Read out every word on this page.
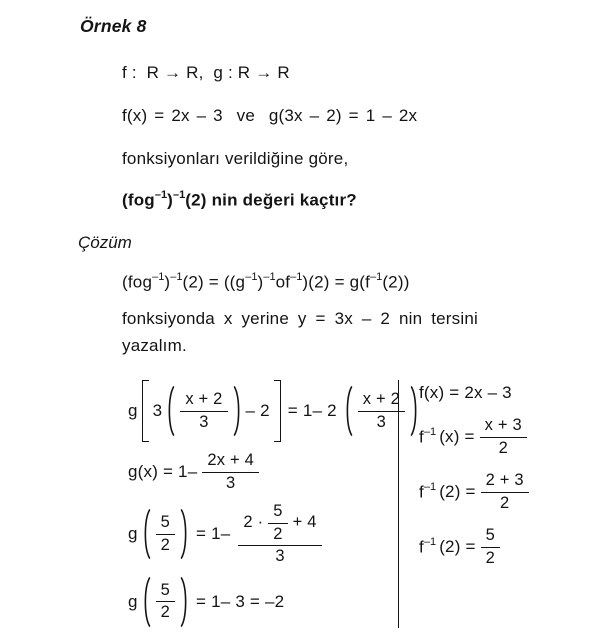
Örnek 8
f :  R → R,  g : R → R
f(x) = 2x – 3  ve  g(3x – 2) = 1 – 2x
fonksiyonları verildiğine göre,
$(fog^{-1})^{-1}(2)$ nin değeri kaçtır?
Çözüm
$(fog^{-1})^{-1}(2) = ((g^{-1})^{-1}of^{-1})(2) = g(f^{-1}(2))$
fonksiyonda x yerine y = 3x – 2 nin tersini
yazalım.
g $3 \frac{x + 2}{3} - 2 = 1-$ $2 \frac{x + 2}{3}$
$g(x) = 1- \frac{2x + 4}{3}$
g $\frac{5}{2} = 1-$
$2 \cdot \frac{5}{2} + 4$
3
g $\frac{5}{2} = 1-$ 3 = –2
f(x) = 2x – 3
$f^{-1}$ $(x) = \frac{x + 3}{2}$
$f^{-1}$ $(2) = \frac{2 + 3}{2}$
$f^{-1}$ $(2) = \frac{5}{2}$
